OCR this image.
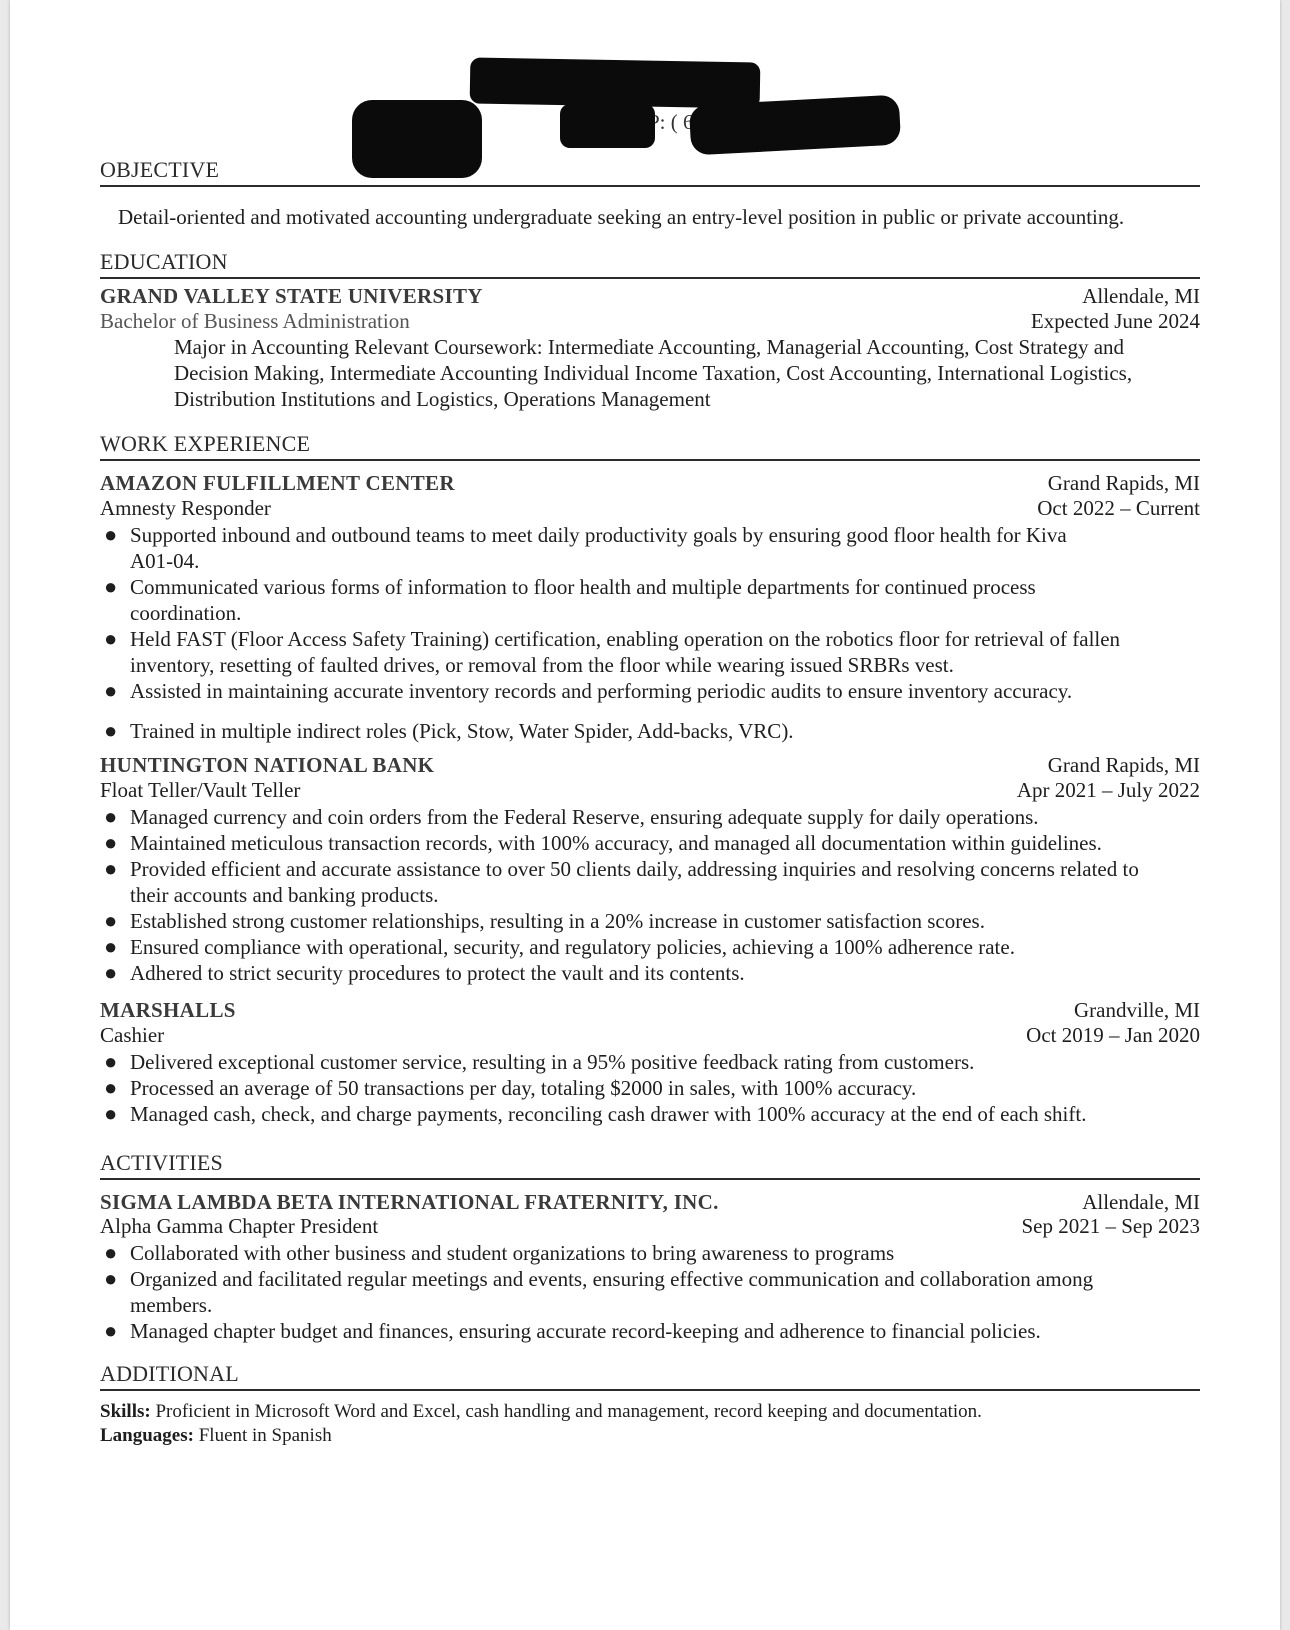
P: ( 6
OBJECTIVE
Detail-oriented and motivated accounting undergraduate seeking an entry-level position in public or private accounting.
EDUCATION
GRAND VALLEY STATE UNIVERSITY	Allendale, MI
Bachelor of Business Administration	Expected June 2024
Major in Accounting Relevant Coursework: Intermediate Accounting, Managerial Accounting, Cost Strategy and
Decision Making, Intermediate Accounting Individual Income Taxation, Cost Accounting, International Logistics,
Distribution Institutions and Logistics, Operations Management
WORK EXPERIENCE
AMAZON FULFILLMENT CENTER	Grand Rapids, MI
Amnesty Responder	Oct 2022 – Current
● Supported inbound and outbound teams to meet daily productivity goals by ensuring good floor health for Kiva
A01-04.
● Communicated various forms of information to floor health and multiple departments for continued process
coordination.
● Held FAST (Floor Access Safety Training) certification, enabling operation on the robotics floor for retrieval of fallen
inventory, resetting of faulted drives, or removal from the floor while wearing issued SRBRs vest.
● Assisted in maintaining accurate inventory records and performing periodic audits to ensure inventory accuracy.
● Trained in multiple indirect roles (Pick, Stow, Water Spider, Add-backs, VRC).
HUNTINGTON NATIONAL BANK	Grand Rapids, MI
Float Teller/Vault Teller	Apr 2021 – July 2022
● Managed currency and coin orders from the Federal Reserve, ensuring adequate supply for daily operations.
● Maintained meticulous transaction records, with 100% accuracy, and managed all documentation within guidelines.
● Provided efficient and accurate assistance to over 50 clients daily, addressing inquiries and resolving concerns related to
their accounts and banking products.
● Established strong customer relationships, resulting in a 20% increase in customer satisfaction scores.
● Ensured compliance with operational, security, and regulatory policies, achieving a 100% adherence rate.
● Adhered to strict security procedures to protect the vault and its contents.
MARSHALLS	Grandville, MI
Cashier	Oct 2019 – Jan 2020
● Delivered exceptional customer service, resulting in a 95% positive feedback rating from customers.
● Processed an average of 50 transactions per day, totaling $2000 in sales, with 100% accuracy.
● Managed cash, check, and charge payments, reconciling cash drawer with 100% accuracy at the end of each shift.
ACTIVITIES
SIGMA LAMBDA BETA INTERNATIONAL FRATERNITY, INC.	Allendale, MI
Alpha Gamma Chapter President	Sep 2021 – Sep 2023
● Collaborated with other business and student organizations to bring awareness to programs
● Organized and facilitated regular meetings and events, ensuring effective communication and collaboration among
members.
● Managed chapter budget and finances, ensuring accurate record-keeping and adherence to financial policies.
ADDITIONAL
Skills: Proficient in Microsoft Word and Excel, cash handling and management, record keeping and documentation.
Languages: Fluent in Spanish
